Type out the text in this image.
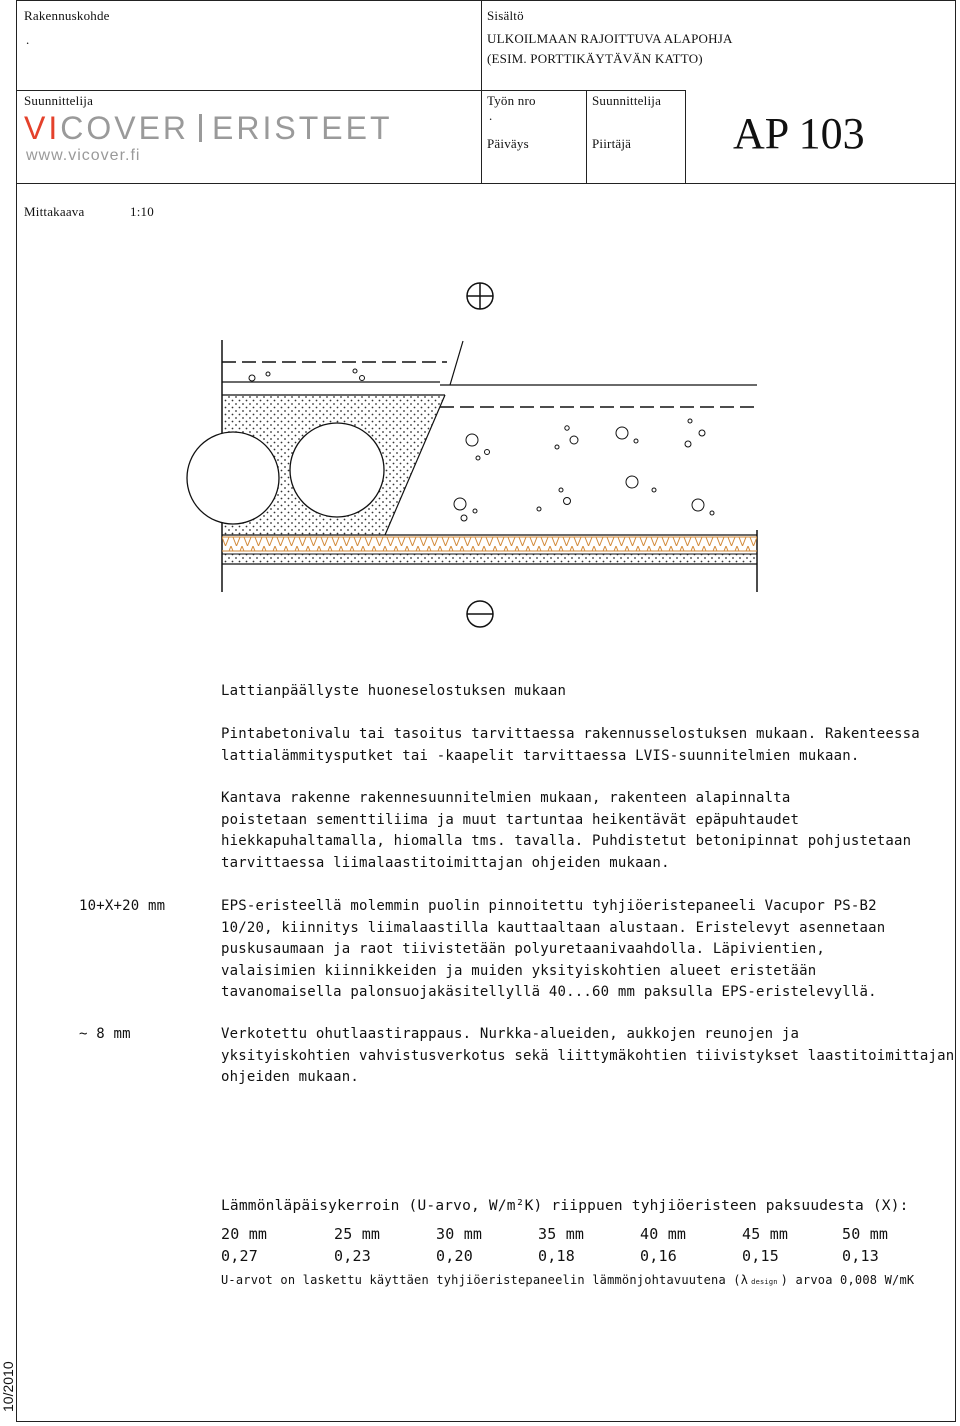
Rakennuskohde
.
Sisältö
ULKOILMAAN RAJOITTUVA ALAPOHJA
(ESIM. PORTTIKÄYTÄVÄN KATTO)
Suunnittelija
VICOVER ERISTEET
www.vicover.fi
Työn nro
.
Suunnittelija
Päiväys	Piirtäjä AP 103
Mittakaava	1:10
Lattianpäällyste huoneselostuksen mukaan
Pintabetonivalu tai tasoitus tarvittaessa rakennusselostuksen mukaan. Rakenteessa
lattialämmitysputket tai -kaapelit tarvittaessa LVIS-suunnitelmien mukaan.
Kantava rakenne rakennesuunnitelmien mukaan, rakenteen alapinnalta
poistetaan sementtiliima ja muut tartuntaa heikentävät epäpuhtaudet
hiekkapuhaltamalla, hiomalla tms. tavalla. Puhdistetut betonipinnat pohjustetaan
tarvittaessa liimalaastitoimittajan ohjeiden mukaan.
10+X+20 mm	EPS-eristeellä molemmin puolin pinnoitettu tyhjiöeristepaneeli Vacupor PS-B2
10/20, kiinnitys liimalaastilla kauttaaltaan alustaan. Eristelevyt asennetaan
puskusaumaan ja raot tiivistetään polyuretaanivaahdolla. Läpivientien,
valaisimien kiinnikkeiden ja muiden yksityiskohtien alueet eristetään
tavanomaisella palonsuojakäsitellyllä 40...60 mm paksulla EPS-eristelevyllä.
~ 8 mm	Verkotettu ohutlaastirappaus. Nurkka-alueiden, aukkojen reunojen ja
yksityiskohtien vahvistusverkotus sekä liittymäkohtien tiivistykset laastitoimittajan
ohjeiden mukaan.
Lämmönläpäisykerroin (U-arvo, W/m²K) riippuen tyhjiöeristeen paksuudesta (X):
20 mm	25 mm	30 mm	35 mm	40 mm	45 mm	50 mm
0,27	0,23	0,20	0,18	0,16	0,15	0,13
U-arvot on laskettu käyttäen tyhjiöeristepaneelin lämmönjohtavuutena (λ design ) arvoa 0,008 W/mK
10/2010
